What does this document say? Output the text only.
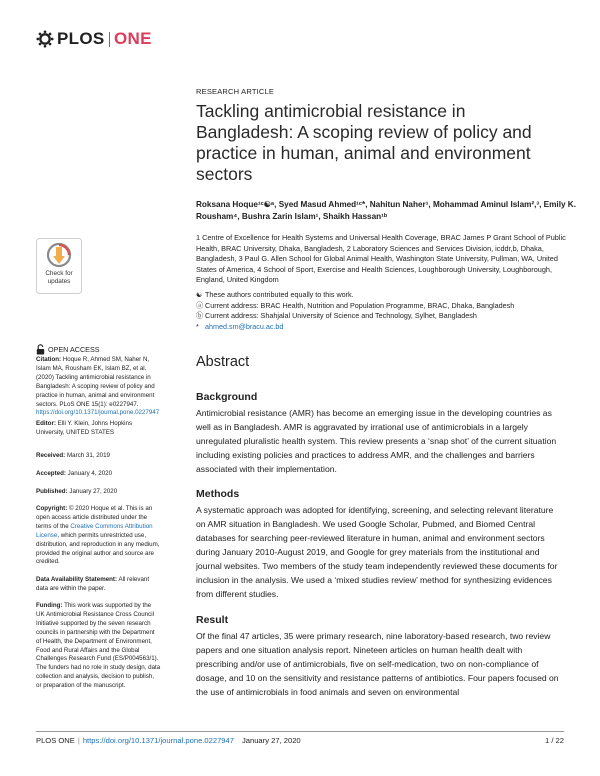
PLOS ONE
RESEARCH ARTICLE
Tackling antimicrobial resistance in Bangladesh: A scoping review of policy and practice in human, animal and environment sectors
Roksana Hoque¹ᶜ☯ᵃ, Syed Masud Ahmed¹ᶜ*, Nahitun Naher¹, Mohammad Aminul Islam²,³, Emily K. Rousham⁴, Bushra Zarin Islam¹, Shaikh Hassan¹ᵇ
1 Centre of Excellence for Health Systems and Universal Health Coverage, BRAC James P Grant School of Public Health, BRAC University, Dhaka, Bangladesh, 2 Laboratory Sciences and Services Division, icddr,b, Dhaka, Bangladesh, 3 Paul G. Allen School for Global Animal Health, Washington State University, Pullman, WA, United States of America, 4 School of Sport, Exercise and Health Sciences, Loughborough University, Loughborough, England, United Kingdom
☯ These authors contributed equally to this work.
ⓐ Current address: BRAC Health, Nutrition and Population Programme, BRAC, Dhaka, Bangladesh
ⓑ Current address: Shahjalal University of Science and Technology, Sylhet, Bangladesh
* ahmed.sm@bracu.ac.bd
Abstract
Background
Antimicrobial resistance (AMR) has become an emerging issue in the developing countries as well as in Bangladesh. AMR is aggravated by irrational use of antimicrobials in a largely unregulated pluralistic health system. This review presents a ‘snap shot’ of the current situation including existing policies and practices to address AMR, and the challenges and barriers associated with their implementation.
Methods
A systematic approach was adopted for identifying, screening, and selecting relevant literature on AMR situation in Bangladesh. We used Google Scholar, Pubmed, and Biomed Central databases for searching peer-reviewed literature in human, animal and environment sectors during January 2010-August 2019, and Google for grey materials from the institutional and journal websites. Two members of the study team independently reviewed these documents for inclusion in the analysis. We used a ‘mixed studies review’ method for synthesizing evidences from different studies.
Result
Of the final 47 articles, 35 were primary research, nine laboratory-based research, two review papers and one situation analysis report. Nineteen articles on human health dealt with prescribing and/or use of antimicrobials, five on self-medication, two on non-compliance of dosage, and 10 on the sensitivity and resistance patterns of antibiotics. Four papers focused on the use of antimicrobials in food animals and seven on environmental
Check for updates
OPEN ACCESS
Citation: Hoque R, Ahmed SM, Naher N, Islam MA, Rousham EK, Islam BZ, et al. (2020) Tackling antimicrobial resistance in Bangladesh: A scoping review of policy and practice in human, animal and environment sectors. PLoS ONE 15(1): e0227947. https://doi.org/10.1371/journal.pone.0227947
Editor: Elli Y. Klein, Johns Hopkins University, UNITED STATES
Received: March 31, 2019
Accepted: January 4, 2020
Published: January 27, 2020
Copyright: © 2020 Hoque et al. This is an open access article distributed under the terms of the Creative Commons Attribution License, which permits unrestricted use, distribution, and reproduction in any medium, provided the original author and source are credited.
Data Availability Statement: All relevant data are within the paper.
Funding: This work was supported by the UK Antimicrobial Resistance Cross Council Initiative supported by the seven research councils in partnership with the Department of Health, the Department of Environment, Food and Rural Affairs and the Global Challenges Research Fund (ES/P004563/1). The funders had no role in study design, data collection and analysis, decision to publish, or preparation of the manuscript.
PLOS ONE | https://doi.org/10.1371/journal.pone.0227947 January 27, 2020	1 / 22
